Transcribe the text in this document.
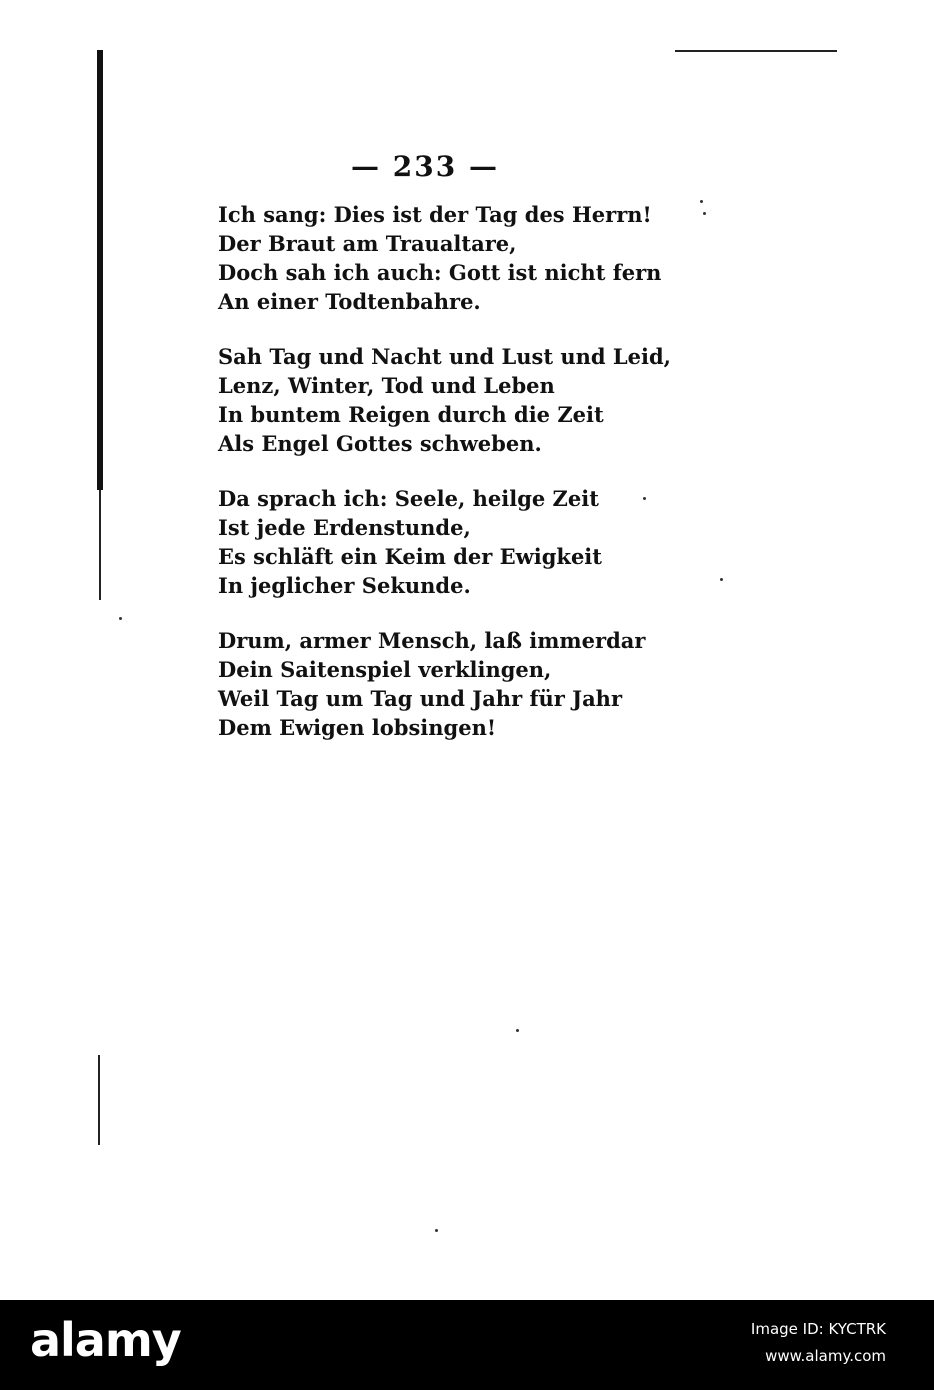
— 233 —
Ich sang: Dies ist der Tag des Herrn!
Der Braut am Traualtare,
Doch sah ich auch: Gott ist nicht fern
An einer Todtenbahre.
Sah Tag und Nacht und Lust und Leid,
Lenz, Winter, Tod und Leben
In buntem Reigen durch die Zeit
Als Engel Gottes schweben.
Da sprach ich: Seele, heilge Zeit
Ist jede Erdenstunde,
Es schläft ein Keim der Ewigkeit
In jeglicher Sekunde.
Drum, armer Mensch, laß immerdar
Dein Saitenspiel verklingen,
Weil Tag um Tag und Jahr für Jahr
Dem Ewigen lobsingen!
alamy	Image ID: KYCTRK
www.alamy.com
